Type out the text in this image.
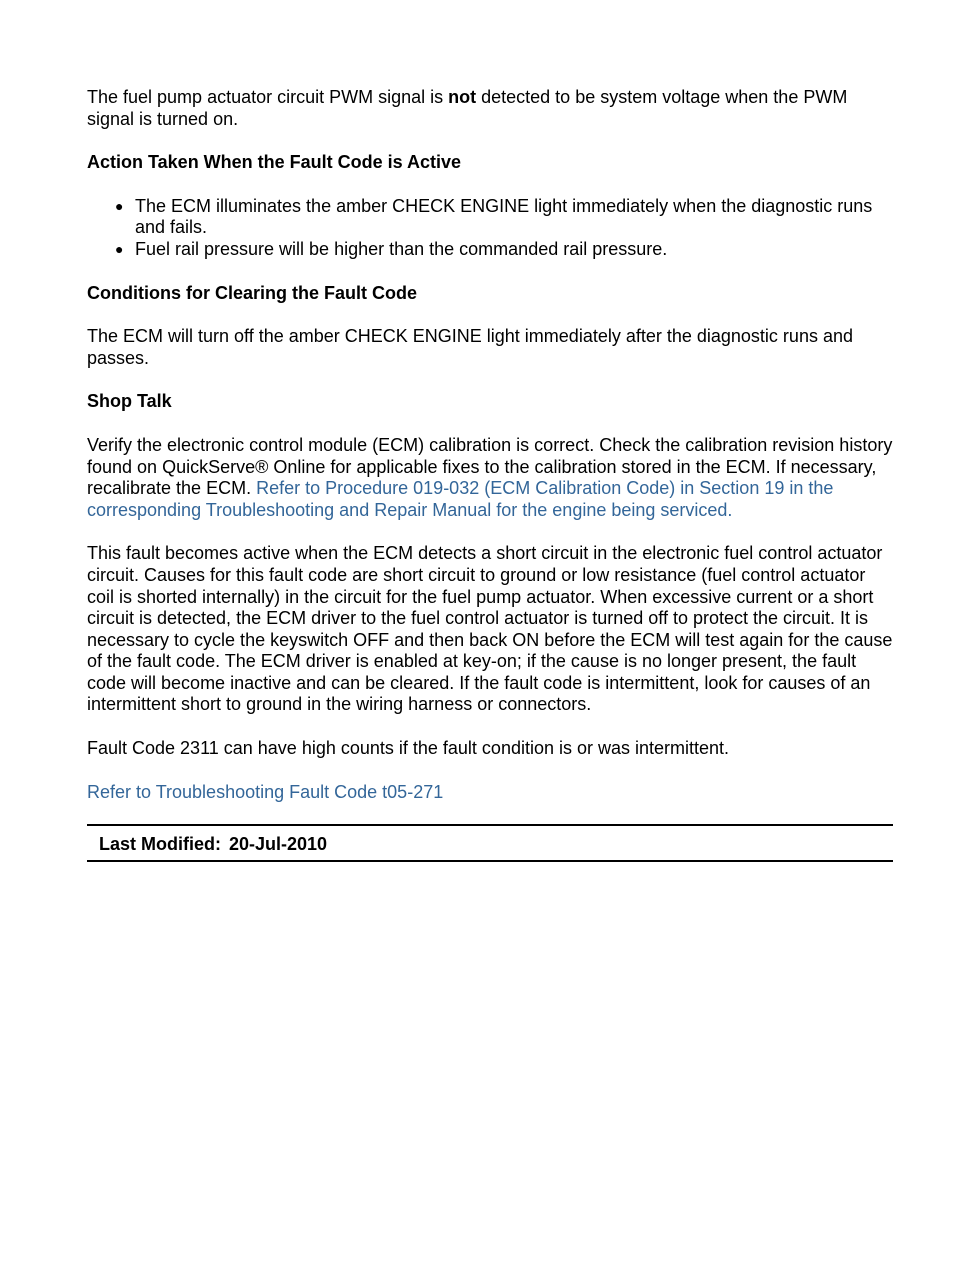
The fuel pump actuator circuit PWM signal is not detected to be system voltage when the PWM signal is turned on.

Action Taken When the Fault Code is Active
● The ECM illuminates the amber CHECK ENGINE light immediately when the diagnostic runs and fails.
● Fuel rail pressure will be higher than the commanded rail pressure.
Conditions for Clearing the Fault Code

The ECM will turn off the amber CHECK ENGINE light immediately after the diagnostic runs and passes.

Shop Talk

Verify the electronic control module (ECM) calibration is correct. Check the calibration revision history found on QuickServe® Online for applicable fixes to the calibration stored in the ECM. If necessary, recalibrate the ECM. Refer to Procedure 019-032 (ECM Calibration Code) in Section 19 in the corresponding Troubleshooting and Repair Manual for the engine being serviced.

This fault becomes active when the ECM detects a short circuit in the electronic fuel control actuator circuit. Causes for this fault code are short circuit to ground or low resistance (fuel control actuator coil is shorted internally) in the circuit for the fuel pump actuator. When excessive current or a short circuit is detected, the ECM driver to the fuel control actuator is turned off to protect the circuit. It is necessary to cycle the keyswitch OFF and then back ON before the ECM will test again for the cause of the fault code. The ECM driver is enabled at key-on; if the cause is no longer present, the fault code will become inactive and can be cleared. If the fault code is intermittent, look for causes of an intermittent short to ground in the wiring harness or connectors.

Fault Code 2311 can have high counts if the fault condition is or was intermittent.

Refer to Troubleshooting Fault Code t05-271

Last Modified: 20-Jul-2010
